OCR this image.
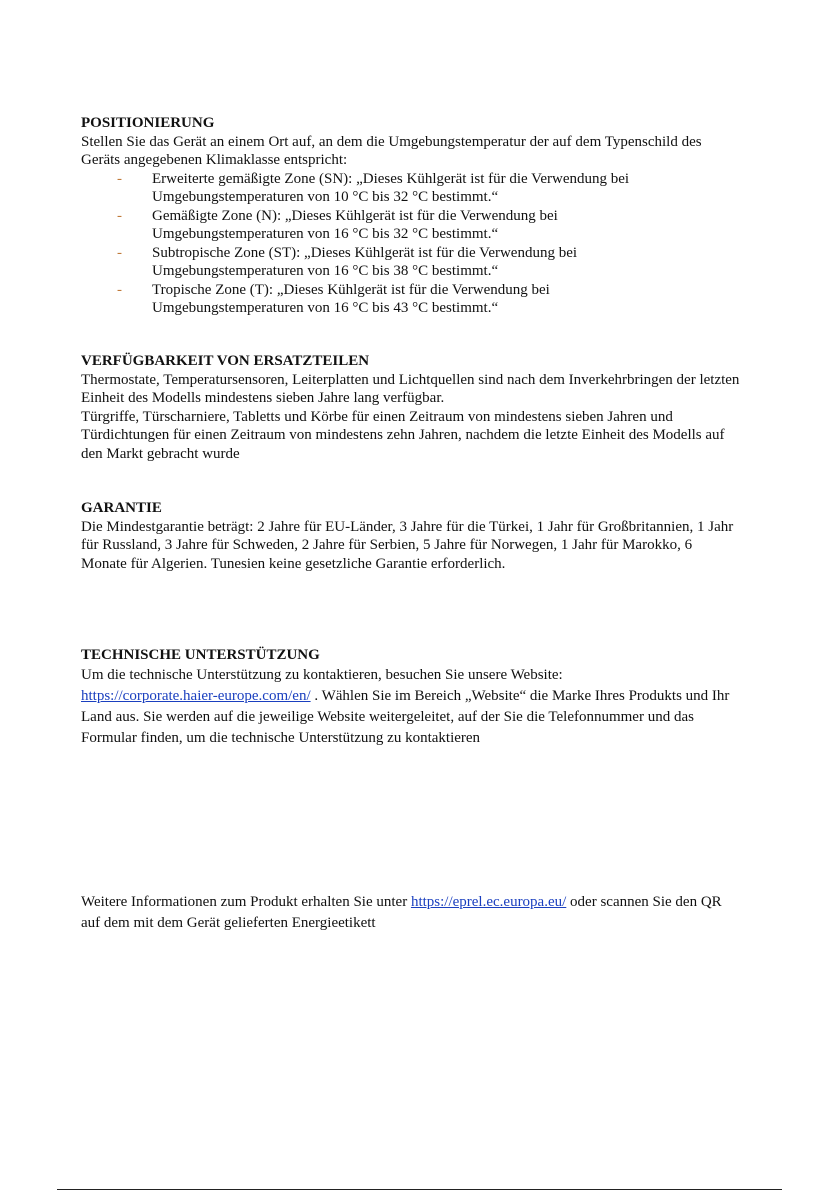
POSITIONIERUNG
Stellen Sie das Gerät an einem Ort auf, an dem die Umgebungstemperatur der auf dem Typenschild des Geräts angegebenen Klimaklasse entspricht:
- Erweiterte gemäßigte Zone (SN): „Dieses Kühlgerät ist für die Verwendung bei
Umgebungstemperaturen von 10 °C bis 32 °C bestimmt.“
- Gemäßigte Zone (N): „Dieses Kühlgerät ist für die Verwendung bei
Umgebungstemperaturen von 16 °C bis 32 °C bestimmt.“
- Subtropische Zone (ST): „Dieses Kühlgerät ist für die Verwendung bei
Umgebungstemperaturen von 16 °C bis 38 °C bestimmt.“
- Tropische Zone (T): „Dieses Kühlgerät ist für die Verwendung bei
Umgebungstemperaturen von 16 °C bis 43 °C bestimmt.“
VERFÜGBARKEIT VON ERSATZTEILEN
Thermostate, Temperatursensoren, Leiterplatten und Lichtquellen sind nach dem Inverkehrbringen der letzten Einheit des Modells mindestens sieben Jahre lang verfügbar.
Türgriffe, Türscharniere, Tabletts und Körbe für einen Zeitraum von mindestens sieben Jahren und Türdichtungen für einen Zeitraum von mindestens zehn Jahren, nachdem die letzte Einheit des Modells auf den Markt gebracht wurde
GARANTIE
Die Mindestgarantie beträgt: 2 Jahre für EU-Länder, 3 Jahre für die Türkei, 1 Jahr für Großbritannien, 1 Jahr für Russland, 3 Jahre für Schweden, 2 Jahre für Serbien, 5 Jahre für Norwegen, 1 Jahr für Marokko, 6 Monate für Algerien. Tunesien keine gesetzliche Garantie erforderlich.
TECHNISCHE UNTERSTÜTZUNG
Um die technische Unterstützung zu kontaktieren, besuchen Sie unsere Website:
https://corporate.haier-europe.com/en/ . Wählen Sie im Bereich „Website“ die Marke Ihres Produkts und Ihr Land aus. Sie werden auf die jeweilige Website weitergeleitet, auf der Sie die Telefonnummer und das Formular finden, um die technische Unterstützung zu kontaktieren
Weitere Informationen zum Produkt erhalten Sie unter https://eprel.ec.europa.eu/ oder scannen Sie den QR auf dem mit dem Gerät gelieferten Energieetikett
